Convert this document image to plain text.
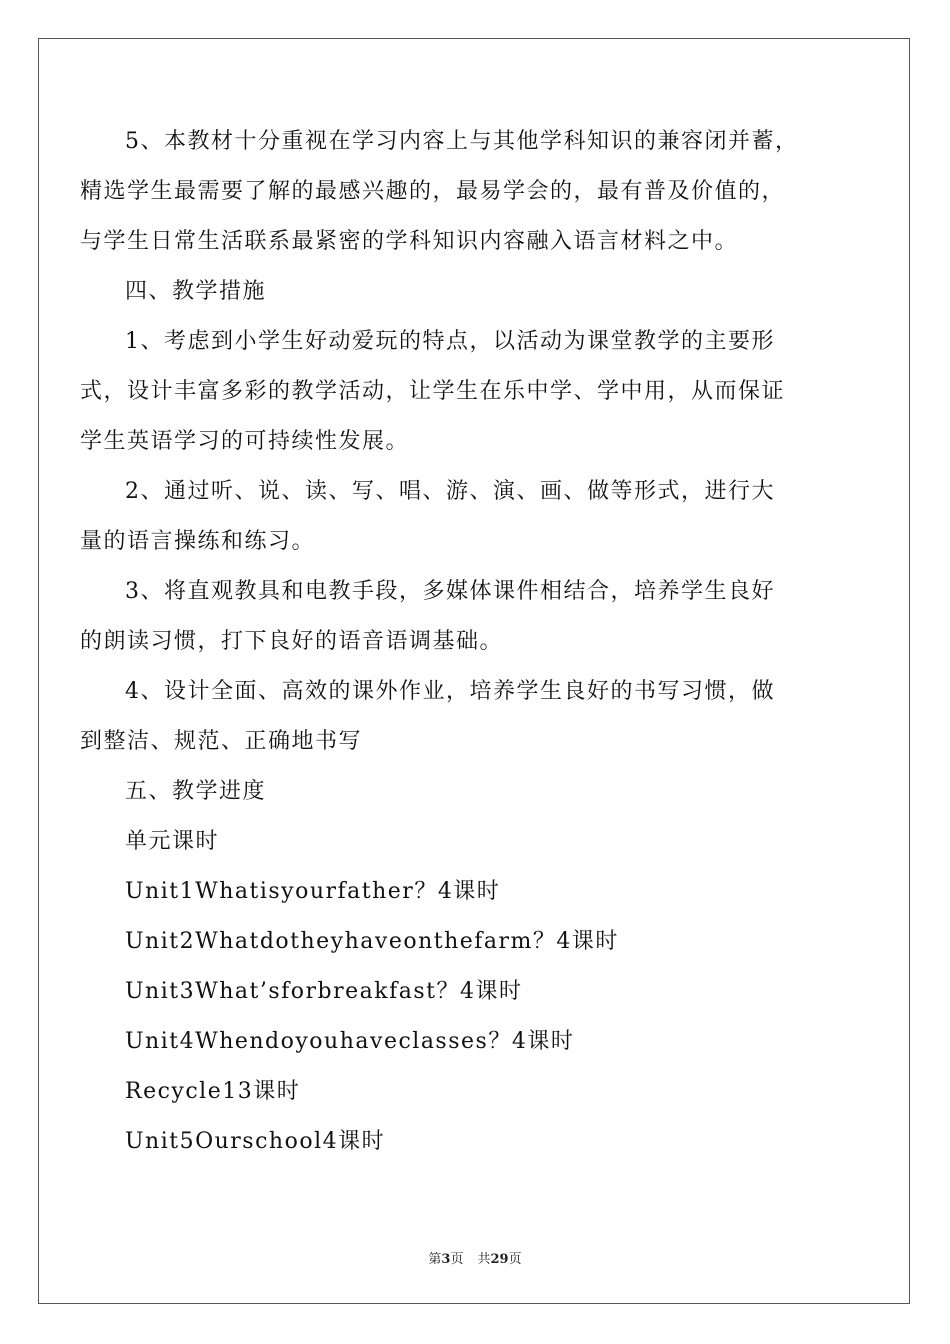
5、本教材十分重视在学习内容上与其他学科知识的兼容闭并蓄，
精选学生最需要了解的最感兴趣的，最易学会的，最有普及价值的，
与学生日常生活联系最紧密的学科知识内容融入语言材料之中。
四、教学措施
1、考虑到小学生好动爱玩的特点，以活动为课堂教学的主要形
式，设计丰富多彩的教学活动，让学生在乐中学、学中用，从而保证
学生英语学习的可持续性发展。
2、通过听、说、读、写、唱、游、演、画、做等形式，进行大
量的语言操练和练习。
3、将直观教具和电教手段，多媒体课件相结合，培养学生良好
的朗读习惯，打下良好的语音语调基础。
4、设计全面、高效的课外作业，培养学生良好的书写习惯，做
到整洁、规范、正确地书写
五、教学进度
单元课时
Unit1Whatisyourfather？4课时
Unit2Whatdotheyhaveonthefarm？4课时
Unit3What’sforbreakfast？4课时
Unit4Whendoyouhaveclasses？4课时
Recycle13课时
Unit5Ourschool4课时
第3页 共29页
